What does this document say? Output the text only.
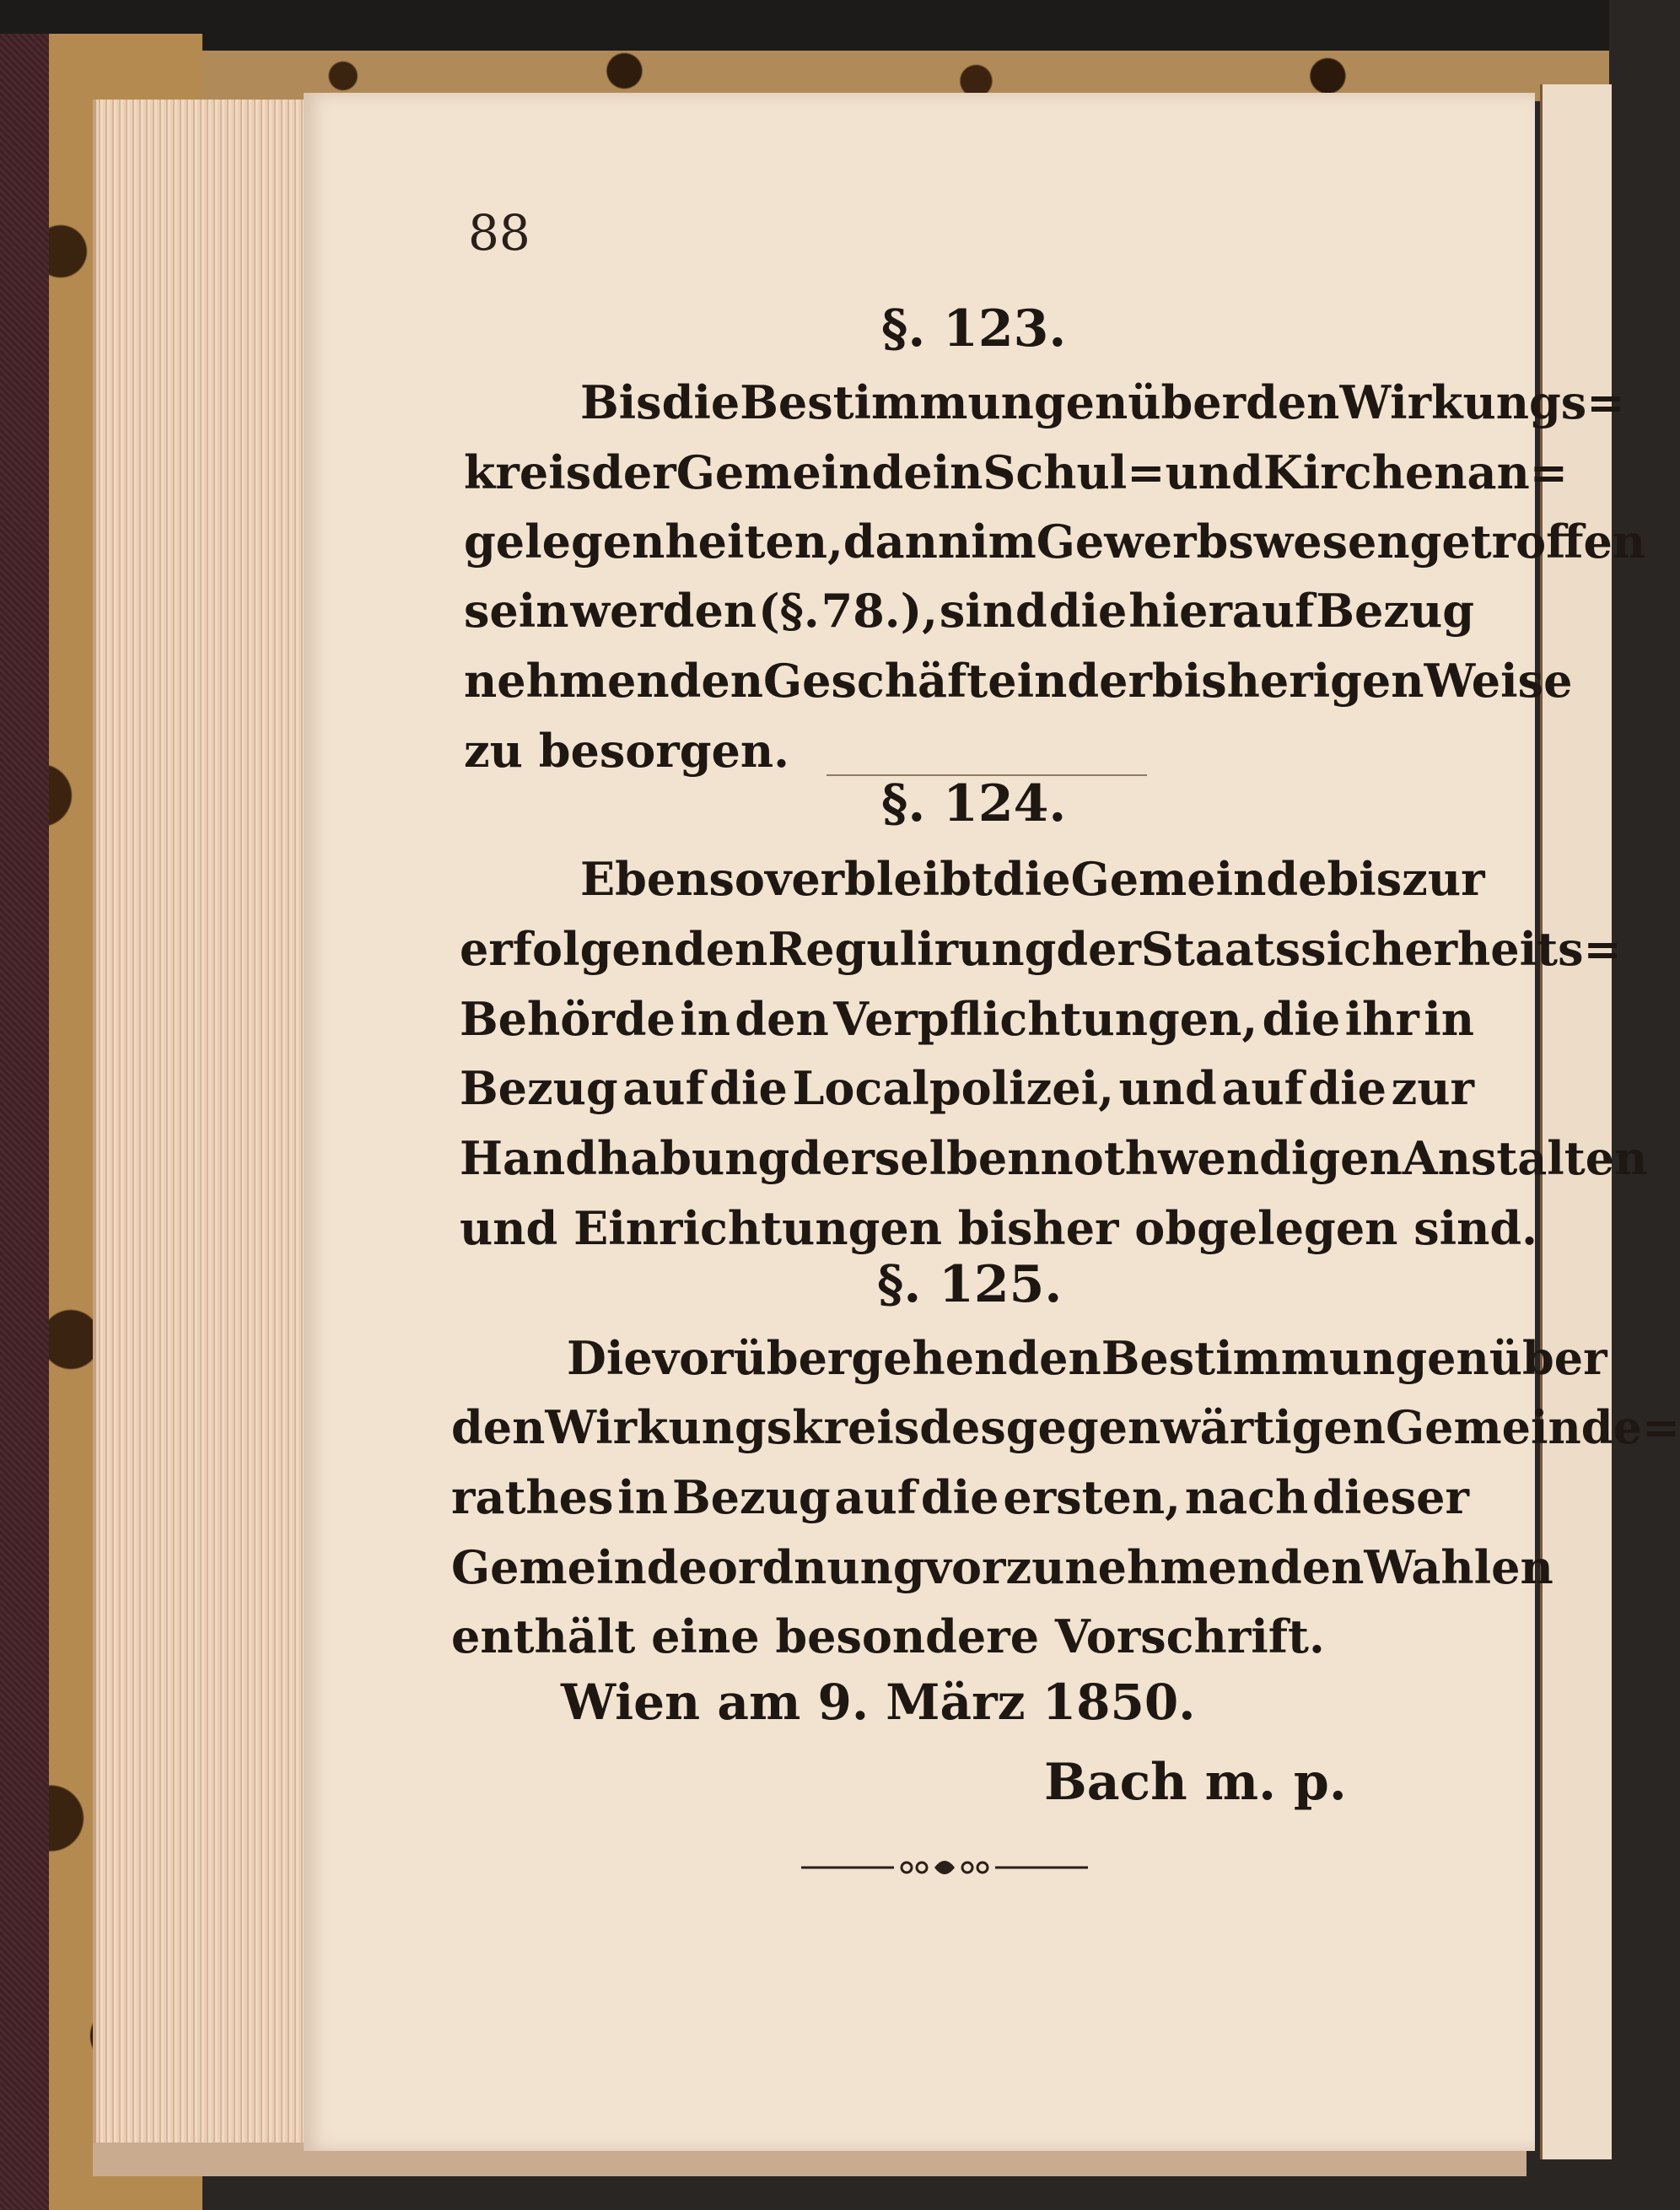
88
§. 123.
Bis die Bestimmungen über den Wirkungs=
kreis der Gemeinde in Schul= und Kirchenan=
gelegenheiten, dann im Gewerbswesen getroffen
sein werden (§. 78.), sind die hierauf Bezug
nehmenden Geschäfte in der bisherigen Weise
zu besorgen.
§. 124.
Ebenso verbleibt die Gemeinde bis zur
erfolgenden Regulirung der Staatssicherheits=
Behörde in den Verpflichtungen, die ihr in
Bezug auf die Localpolizei, und auf die zur
Handhabung derselben nothwendigen Anstalten
und Einrichtungen bisher obgelegen sind.
§. 125.
Die vorübergehenden Bestimmungen über
den Wirkungskreis des gegenwärtigen Gemeinde=
rathes in Bezug auf die ersten, nach dieser
Gemeindeordnung vorzunehmenden Wahlen
enthält eine besondere Vorschrift.
Wien am 9. März 1850.
Bach m. p.
